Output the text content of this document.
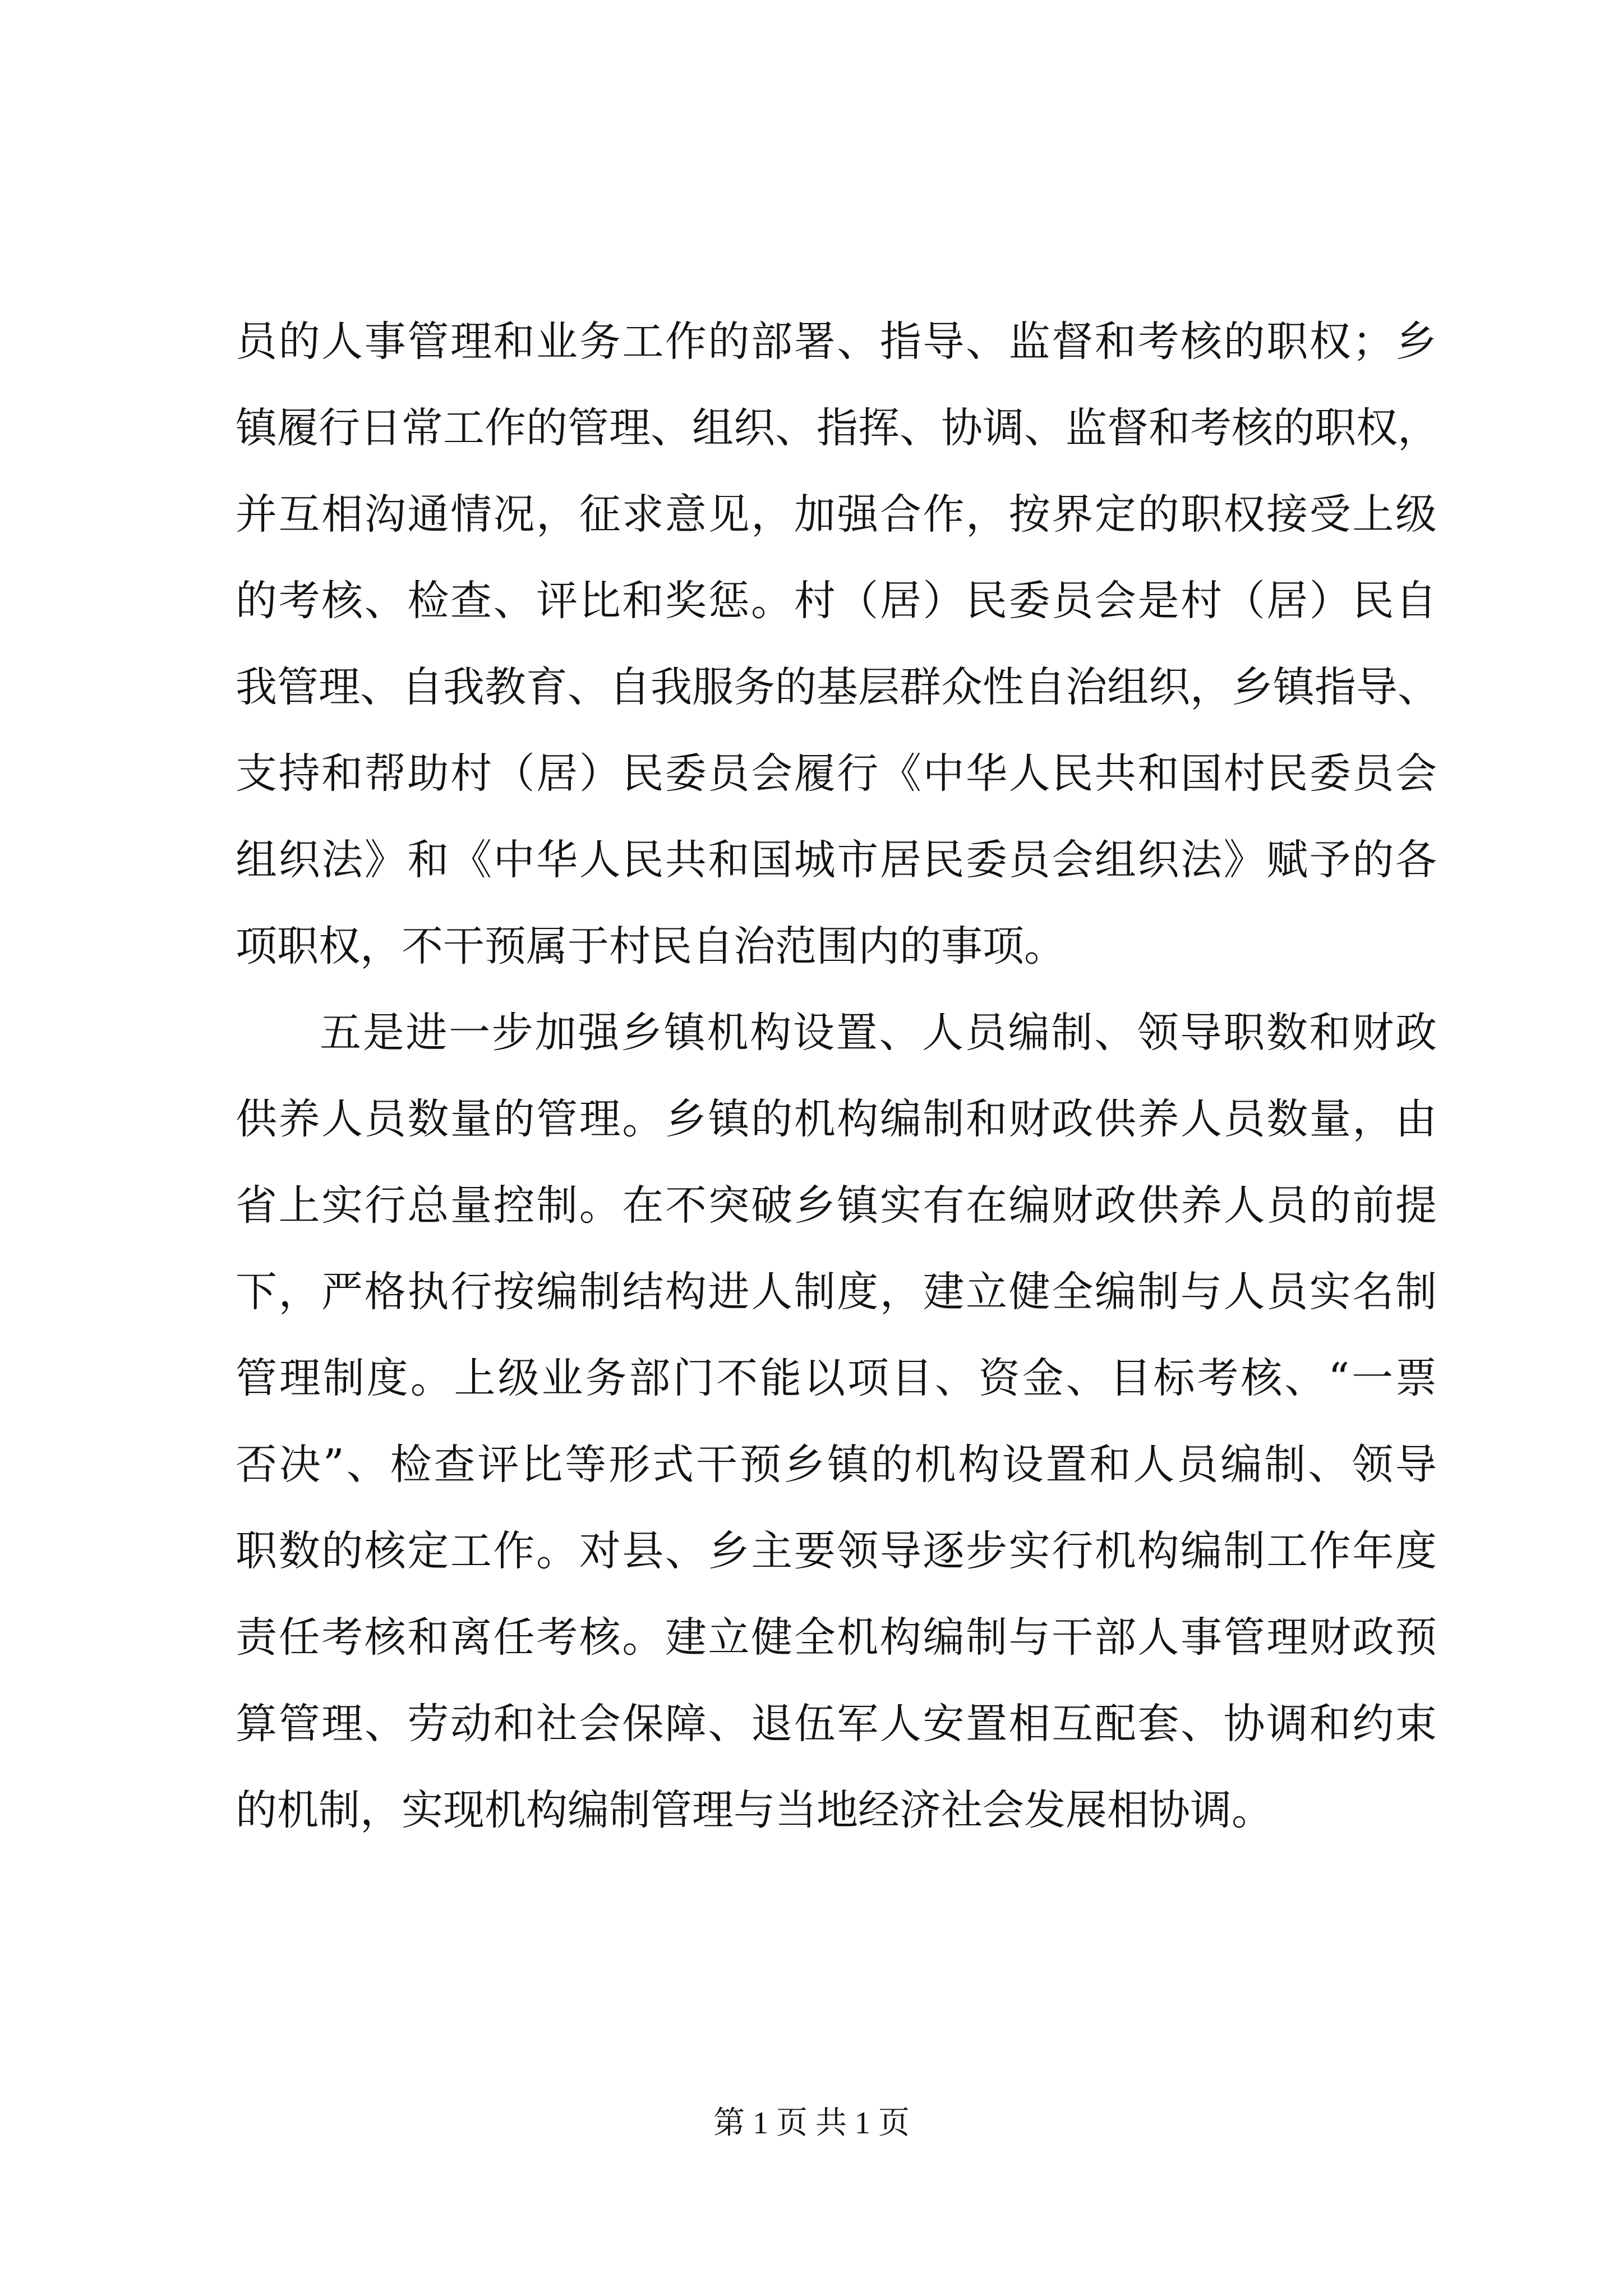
员的人事管理和业务工作的部署、指导、监督和考核的职权；乡
镇履行日常工作的管理、组织、指挥、协调、监督和考核的职权，
并互相沟通情况，征求意见，加强合作，按界定的职权接受上级
的考核、检查、评比和奖惩。村（居）民委员会是村（居）民自
我管理、自我教育、自我服务的基层群众性自治组织，乡镇指导、
支持和帮助村（居）民委员会履行《中华人民共和国村民委员会
组织法》和《中华人民共和国城市居民委员会组织法》赋予的各
项职权，不干预属于村民自治范围内的事项。
五是进一步加强乡镇机构设置、人员编制、领导职数和财政
供养人员数量的管理。乡镇的机构编制和财政供养人员数量，由
省上实行总量控制。在不突破乡镇实有在编财政供养人员的前提
下，严格执行按编制结构进人制度，建立健全编制与人员实名制
管理制度。上级业务部门不能以项目、资金、目标考核、“一票
否决”、检查评比等形式干预乡镇的机构设置和人员编制、领导
职数的核定工作。对县、乡主要领导逐步实行机构编制工作年度
责任考核和离任考核。建立健全机构编制与干部人事管理财政预
算管理、劳动和社会保障、退伍军人安置相互配套、协调和约束
的机制，实现机构编制管理与当地经济社会发展相协调。
第 1 页 共 1 页
